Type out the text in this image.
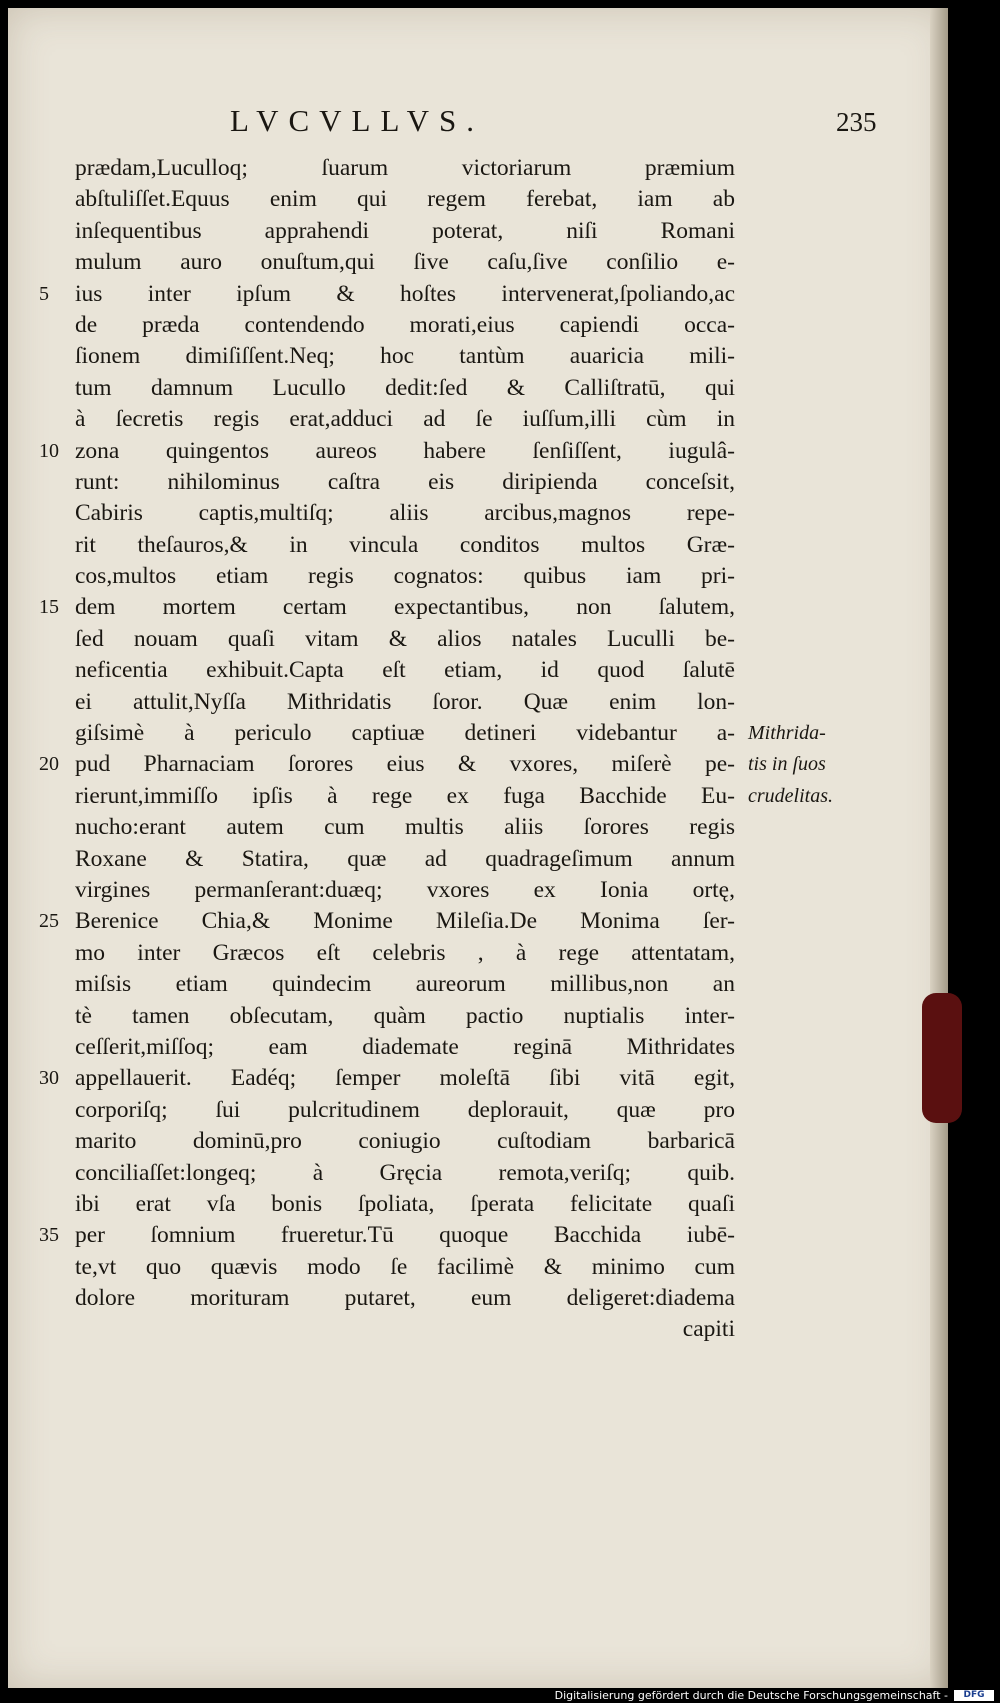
LVCVLLVS.	235
prædam,Luculloq; ſuarum victoriarum præmium
abſtuliſſet.Equus enim qui regem ferebat, iam ab
inſequentibus apprahendi poterat, niſi Romani
mulum auro onuſtum,qui ſive caſu,ſive conſilio e-
5 ius inter ipſum & hoſtes intervenerat,ſpoliando,ac
de præda contendendo morati,eius capiendi occa-
ſionem dimiſiſſent.Neq; hoc tantùm auaricia mili-
tum damnum Lucullo dedit:ſed & Calliſtratū, qui
à ſecretis regis erat,adduci ad ſe iuſſum,illi cùm in
10 zona quingentos aureos habere ſenſiſſent, iugulâ-
runt: nihilominus caſtra eis diripienda conceſsit,
Cabiris captis,multiſq; aliis arcibus,magnos repe-
rit theſauros,& in vincula conditos multos Græ-
cos,multos etiam regis cognatos: quibus iam pri-
15 dem mortem certam expectantibus, non ſalutem,
ſed nouam quaſi vitam & alios natales Luculli be-
neficentia exhibuit.Capta eſt etiam, id quod ſalutē
ei attulit,Nyſſa Mithridatis ſoror. Quæ enim lon-
giſsimè à periculo captiuæ detineri videbantur a-
20 pud Pharnaciam ſorores eius & vxores, miſerè pe-
rierunt,immiſſo ipſis à rege ex fuga Bacchide Eu-
nucho:erant autem cum multis aliis ſorores regis
Roxane & Statira, quæ ad quadrageſimum annum
virgines permanſerant:duæq; vxores ex Ionia ortę,
25 Berenice Chia,& Monime Mileſia.De Monima ſer-
mo inter Græcos eſt celebris , à rege attentatam,
miſsis etiam quindecim aureorum millibus,non an
tè tamen obſecutam, quàm pactio nuptialis inter-
ceſſerit,miſſoq; eam diademate reginā Mithridates
30 appellauerit. Eadéq; ſemper moleſtā ſibi vitā egit,
corporiſq; ſui pulcritudinem deplorauit, quæ pro
marito dominū,pro coniugio cuſtodiam barbaricā
conciliaſſet:longeq; à Gręcia remota,veriſq; quib.
ibi erat vſa bonis ſpoliata, ſperata felicitate quaſi
35 per ſomnium frueretur.Tū quoque Bacchida iubē-
te,vt quo quævis modo ſe facilimè & minimo cum
dolore morituram putaret, eum deligeret:diadema
capiti
Mithrida-
tis in ſuos
crudelitas.
Digitalisierung gefördert durch die Deutsche Forschungsgemeinschaft -	DFG
